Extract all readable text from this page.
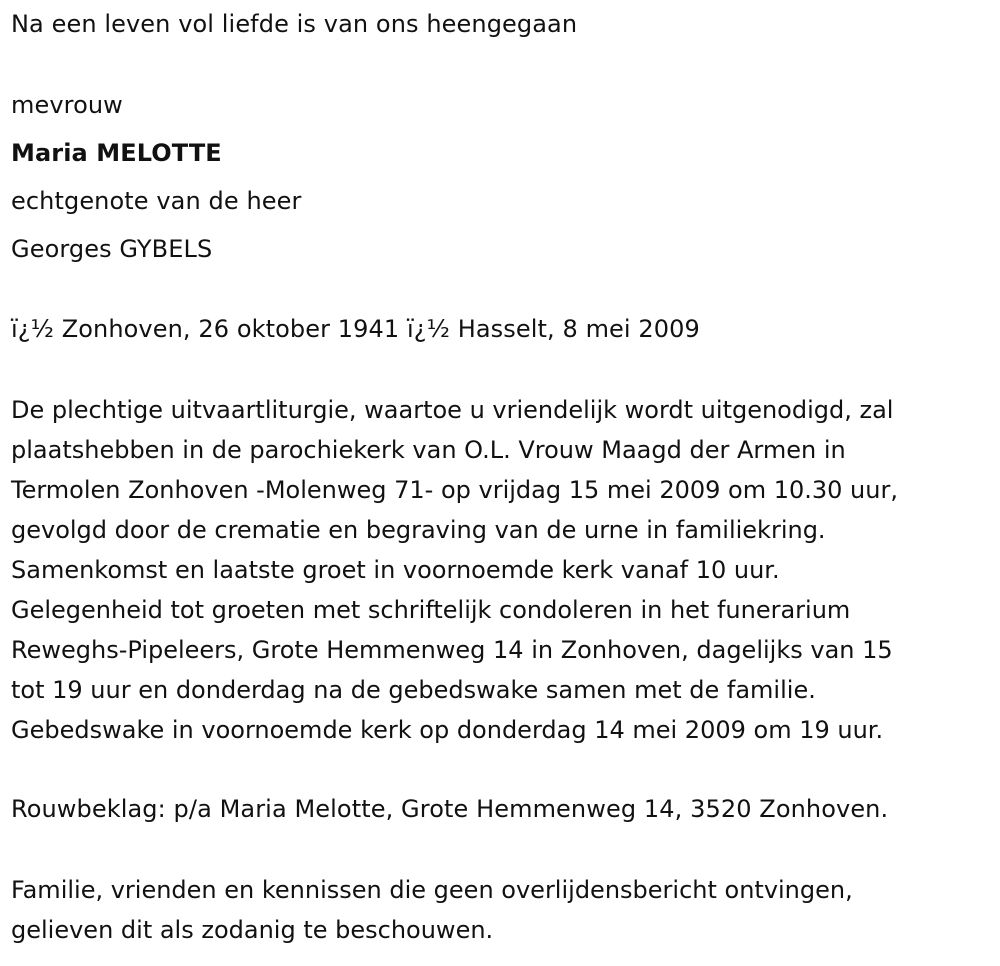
Na een leven vol liefde is van ons heengegaan
mevrouw
Maria MELOTTE
echtgenote van de heer
Georges GYBELS
ï¿½ Zonhoven, 26 oktober 1941 ï¿½ Hasselt, 8 mei 2009
De plechtige uitvaartliturgie, waartoe u vriendelijk wordt uitgenodigd, zal
plaatshebben in de parochiekerk van O.L. Vrouw Maagd der Armen in
Termolen Zonhoven -Molenweg 71- op vrijdag 15 mei 2009 om 10.30 uur,
gevolgd door de crematie en begraving van de urne in familiekring.
Samenkomst en laatste groet in voornoemde kerk vanaf 10 uur.
Gelegenheid tot groeten met schriftelijk condoleren in het funerarium
Reweghs-Pipeleers, Grote Hemmenweg 14 in Zonhoven, dagelijks van 15
tot 19 uur en donderdag na de gebedswake samen met de familie.
Gebedswake in voornoemde kerk op donderdag 14 mei 2009 om 19 uur.
Rouwbeklag: p/a Maria Melotte, Grote Hemmenweg 14, 3520 Zonhoven.
Familie, vrienden en kennissen die geen overlijdensbericht ontvingen,
gelieven dit als zodanig te beschouwen.
